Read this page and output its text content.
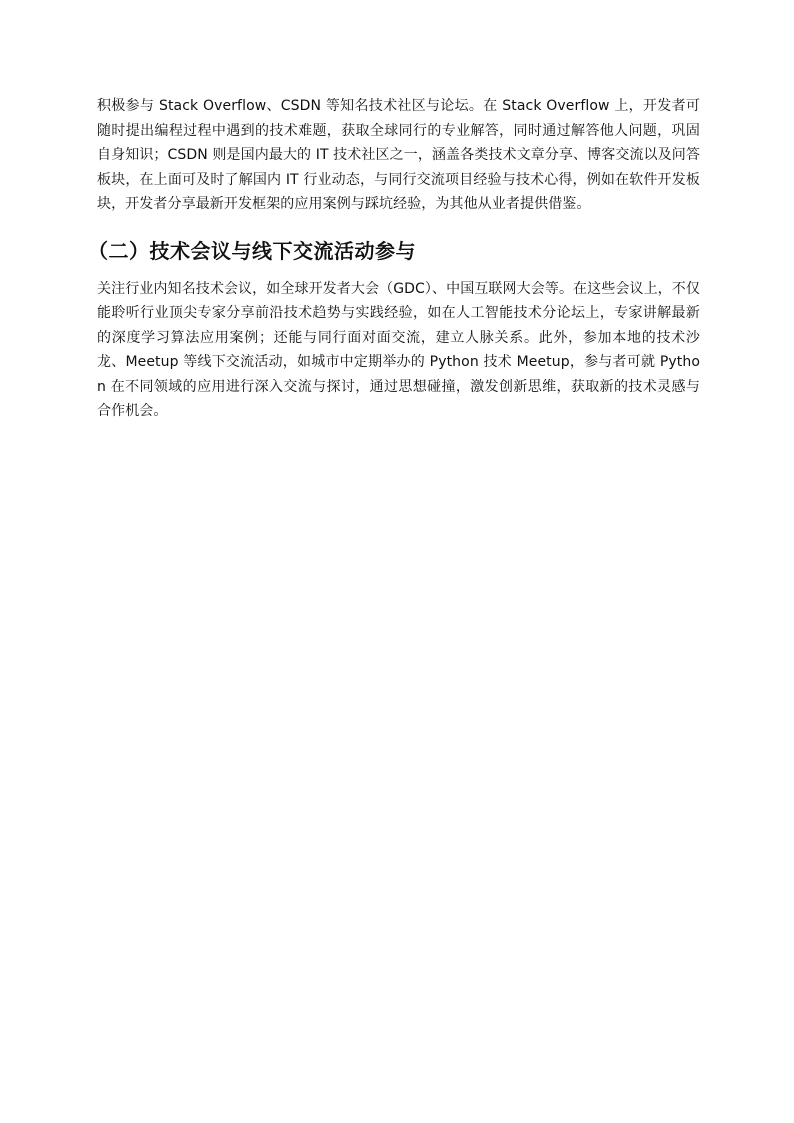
积极参与 Stack Overflow、CSDN 等知名技术社区与论坛。在 Stack Overflow 上，开发者可随时提出编程过程中遇到的技术难题，获取全球同行的专业解答，同时通过解答他人问题，巩固自身知识；CSDN 则是国内最大的 IT 技术社区之一，涵盖各类技术文章分享、博客交流以及问答板块，在上面可及时了解国内 IT 行业动态，与同行交流项目经验与技术心得，例如在软件开发板块，开发者分享最新开发框架的应用案例与踩坑经验，为其他从业者提供借鉴。

（二）技术会议与线下交流活动参与

关注行业内知名技术会议，如全球开发者大会（GDC）、中国互联网大会等。在这些会议上，不仅能聆听行业顶尖专家分享前沿技术趋势与实践经验，如在人工智能技术分论坛上，专家讲解最新的深度学习算法应用案例；还能与同行面对面交流，建立人脉关系。此外，参加本地的技术沙龙、Meetup 等线下交流活动，如城市中定期举办的 Python 技术 Meetup，参与者可就 Python 在不同领域的应用进行深入交流与探讨，通过思想碰撞，激发创新思维，获取新的技术灵感与合作机会。
